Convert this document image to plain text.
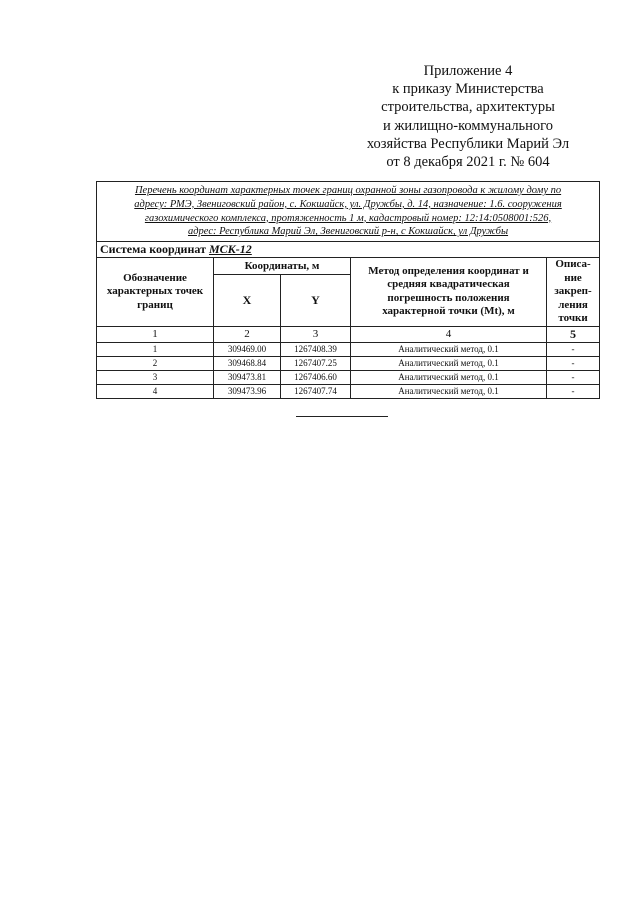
Приложение 4
к приказу Министерства
строительства, архитектуры
и жилищно-коммунального
хозяйства Республики Марий Эл
от 8 декабря 2021 г. № 604
Перечень координат характерных точек границ охранной зоны газопровода к жилому дому по
адресу: РМЭ, Звениговский район, с. Кокшайск, ул. Дружбы, д. 14, назначение: 1.6. сооружения
газохимического комплекса, протяженность 1 м, кадастровый номер: 12:14:0508001:526,
адрес: Республика Марий Эл, Звениговский р-н, с Кокшайск, ул Дружбы				

Система координат МСК-12				
Обозначение характерных точек границ	Координаты, м		Метод определения координат и средняя квадратическая погрешность положения характерной точки (Mt), м	Описа-ние закреп-ления точки
	X	Y		
1	2	3	4	5
1	309469.00	1267408.39	Аналитический метод, 0.1	-
2	309468.84	1267407.25	Аналитический метод, 0.1	-
3	309473.81	1267406.60	Аналитический метод, 0.1	-
4	309473.96	1267407.74	Аналитический метод, 0.1	-
